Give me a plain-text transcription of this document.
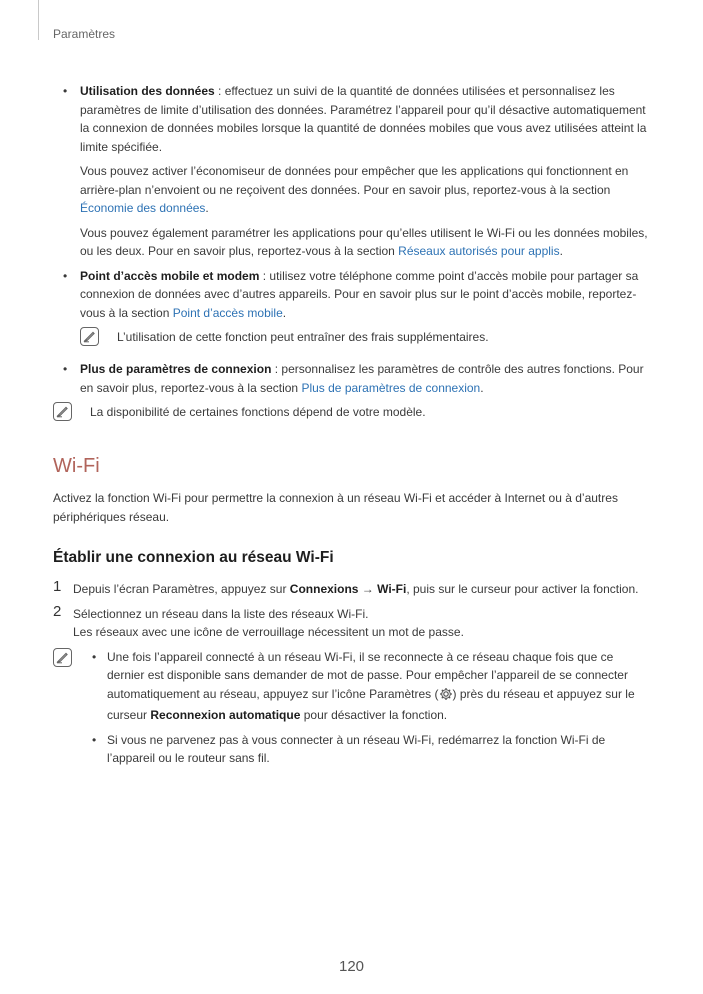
Paramètres
• Utilisation des données : effectuez un suivi de la quantité de données utilisées et personnalisez les paramètres de limite d’utilisation des données. Paramétrez l’appareil pour qu’il désactive automatiquement la connexion de données mobiles lorsque la quantité de données mobiles que vous avez utilisées atteint la limite spécifiée.

Vous pouvez activer l’économiseur de données pour empêcher que les applications qui fonctionnent en arrière-plan n’envoient ou ne reçoivent des données. Pour en savoir plus, reportez-vous à la section Économie des données.

Vous pouvez également paramétrer les applications pour qu’elles utilisent le Wi-Fi ou les données mobiles, ou les deux. Pour en savoir plus, reportez-vous à la section Réseaux autorisés pour applis.

• Point d’accès mobile et modem : utilisez votre téléphone comme point d’accès mobile pour partager sa connexion de données avec d’autres appareils. Pour en savoir plus sur le point d’accès mobile, reportez-vous à la section Point d’accès mobile.

L’utilisation de cette fonction peut entraîner des frais supplémentaires.
• Plus de paramètres de connexion : personnalisez les paramètres de contrôle des autres fonctions. Pour en savoir plus, reportez-vous à la section Plus de paramètres de connexion.

La disponibilité de certaines fonctions dépend de votre modèle.
Wi-Fi

Activez la fonction Wi-Fi pour permettre la connexion à un réseau Wi-Fi et accéder à Internet ou à d’autres périphériques réseau.

Établir une connexion au réseau Wi-Fi
1 Depuis l’écran Paramètres, appuyez sur Connexions → Wi-Fi, puis sur le curseur pour activer la fonction.

2 Sélectionnez un réseau dans la liste des réseaux Wi-Fi.

Les réseaux avec une icône de verrouillage nécessitent un mot de passe.

• Une fois l’appareil connecté à un réseau Wi-Fi, il se reconnecte à ce réseau chaque fois que ce dernier est disponible sans demander de mot de passe. Pour empêcher l’appareil de se connecter automatiquement au réseau, appuyez sur l’icône Paramètres ( ) près du réseau et appuyez sur le curseur Reconnexion automatique pour désactiver la fonction.
• Si vous ne parvenez pas à vous connecter à un réseau Wi-Fi, redémarrez la fonction Wi-Fi de l’appareil ou le routeur sans fil.
120
